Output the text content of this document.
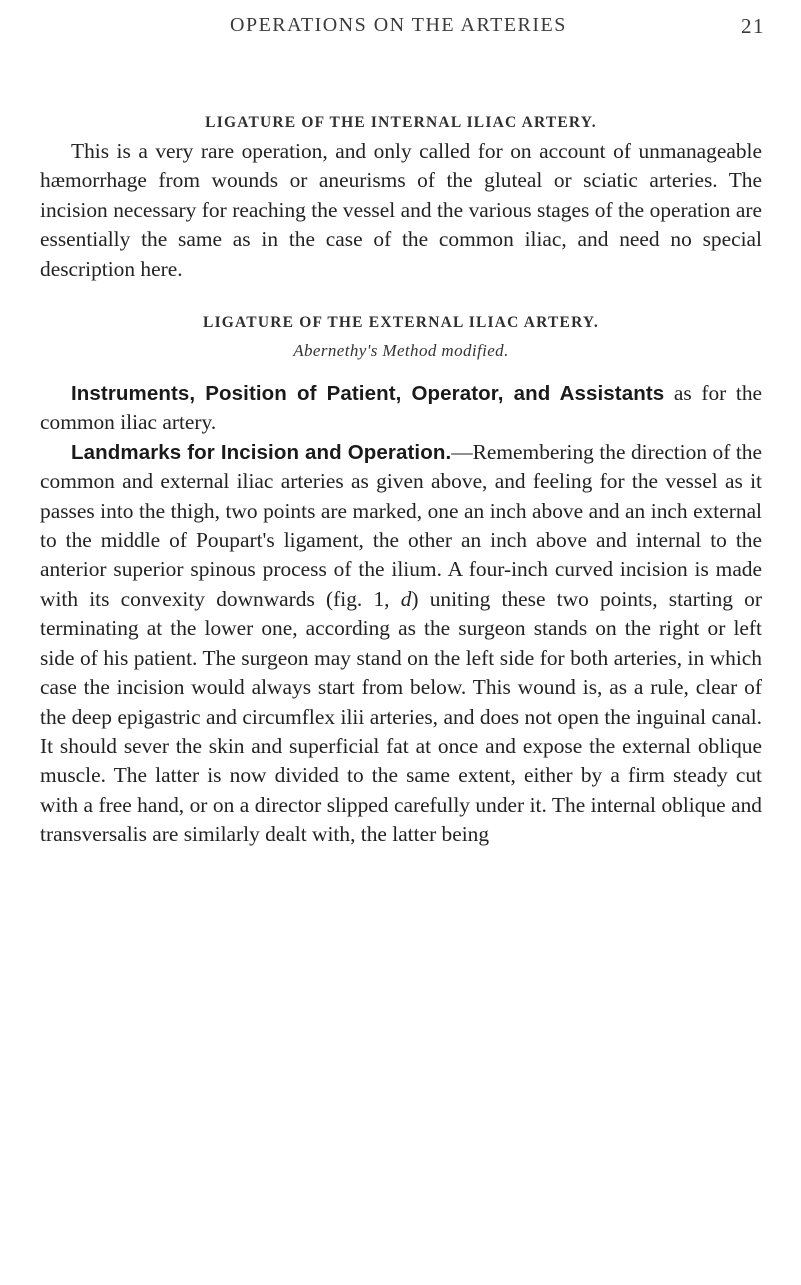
OPERATIONS ON THE ARTERIES	21
LIGATURE OF THE INTERNAL ILIAC ARTERY.

This is a very rare operation, and only called for on account of unmanageable hæmorrhage from wounds or aneurisms of the gluteal or sciatic arteries. The incision necessary for reaching the vessel and the various stages of the operation are essentially the same as in the case of the common iliac, and need no special description here.

LIGATURE OF THE EXTERNAL ILIAC ARTERY.
Abernethy's Method modified.

Instruments, Position of Patient, Operator, and Assistants as for the common iliac artery.

Landmarks for Incision and Operation.—Remembering the direction of the common and external iliac arteries as given above, and feeling for the vessel as it passes into the thigh, two points are marked, one an inch above and an inch external to the middle of Poupart's ligament, the other an inch above and internal to the anterior superior spinous process of the ilium. A four-inch curved incision is made with its convexity downwards (fig. 1, d) uniting these two points, starting or terminating at the lower one, according as the surgeon stands on the right or left side of his patient. The surgeon may stand on the left side for both arteries, in which case the incision would always start from below. This wound is, as a rule, clear of the deep epigastric and circumflex ilii arteries, and does not open the inguinal canal. It should sever the skin and superficial fat at once and expose the external oblique muscle. The latter is now divided to the same extent, either by a firm steady cut with a free hand, or on a director slipped carefully under it. The internal oblique and transversalis are similarly dealt with, the latter being
